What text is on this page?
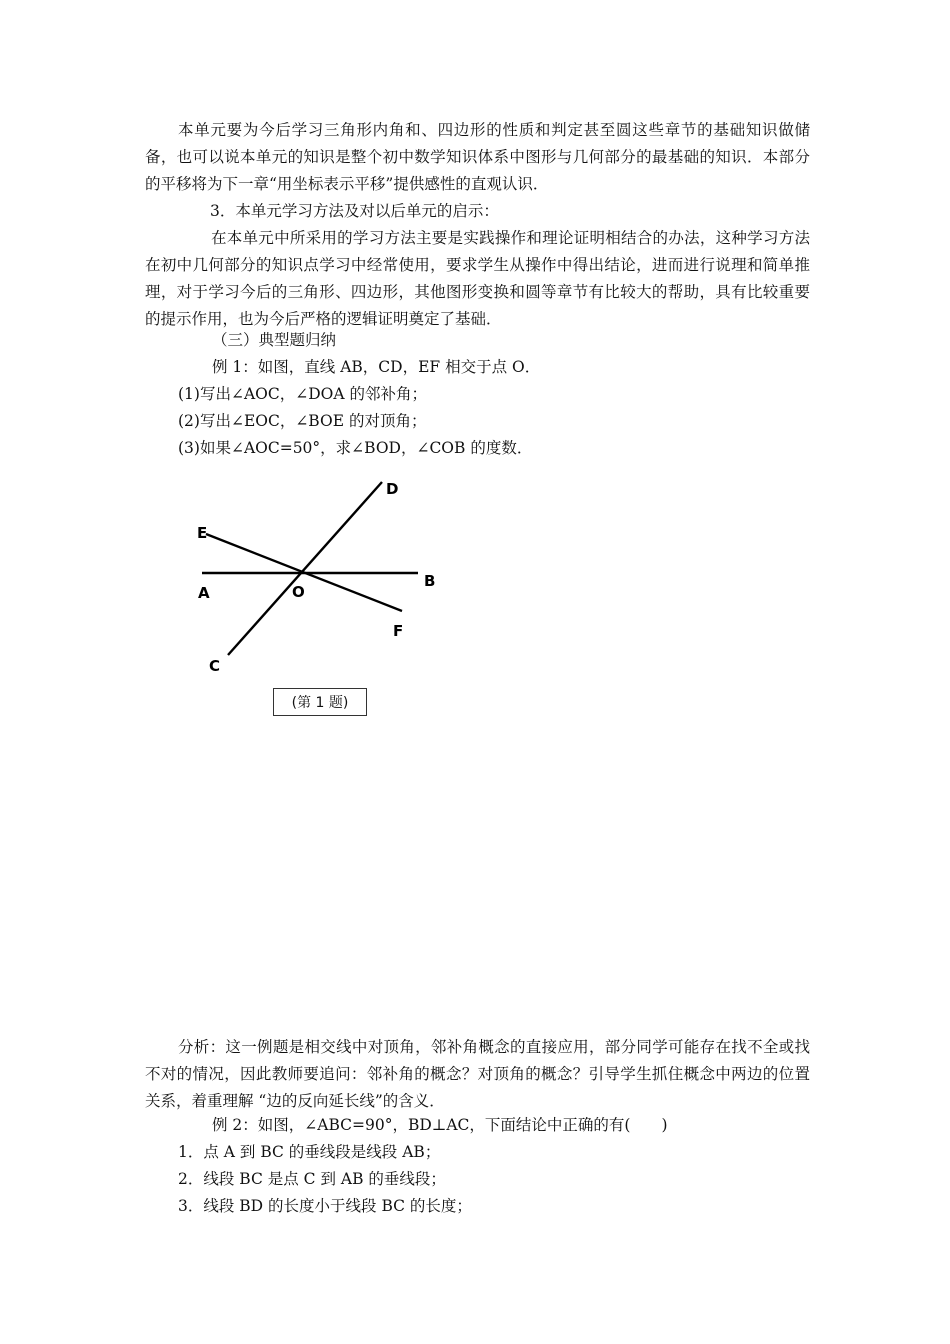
本单元要为今后学习三角形内角和、四边形的性质和判定甚至圆这些章节的基础知识做储备，也可以说本单元的知识是整个初中数学知识体系中图形与几何部分的最基础的知识．本部分的平移将为下一章“用坐标表示平移”提供感性的直观认识．

3．本单元学习方法及对以后单元的启示：

在本单元中所采用的学习方法主要是实践操作和理论证明相结合的办法，这种学习方法在初中几何部分的知识点学习中经常使用，要求学生从操作中得出结论，进而进行说理和简单推理，对于学习今后的三角形、四边形，其他图形变换和圆等章节有比较大的帮助，具有比较重要的提示作用，也为今后严格的逻辑证明奠定了基础．

（三）典型题归纳

例 1：如图，直线 AB，CD，EF 相交于点 O．

(1)写出∠AOC，∠DOA 的邻补角；

(2)写出∠EOC，∠BOE 的对顶角；

(3)如果∠AOC=50°，求∠BOD，∠COB 的度数．

D
E
A	O
B
F
C
(第 1 题)

分析：这一例题是相交线中对顶角，邻补角概念的直接应用，部分同学可能存在找不全或找不对的情况，因此教师要追问：邻补角的概念？对顶角的概念？引导学生抓住概念中两边的位置关系，着重理解 “边的反向延长线”的含义．

例 2：如图，∠ABC=90°，BD⊥AC，下面结论中正确的有(　　)

1．点 A 到 BC 的垂线段是线段 AB；

2．线段 BC 是点 C 到 AB 的垂线段；

3．线段 BD 的长度小于线段 BC 的长度；
